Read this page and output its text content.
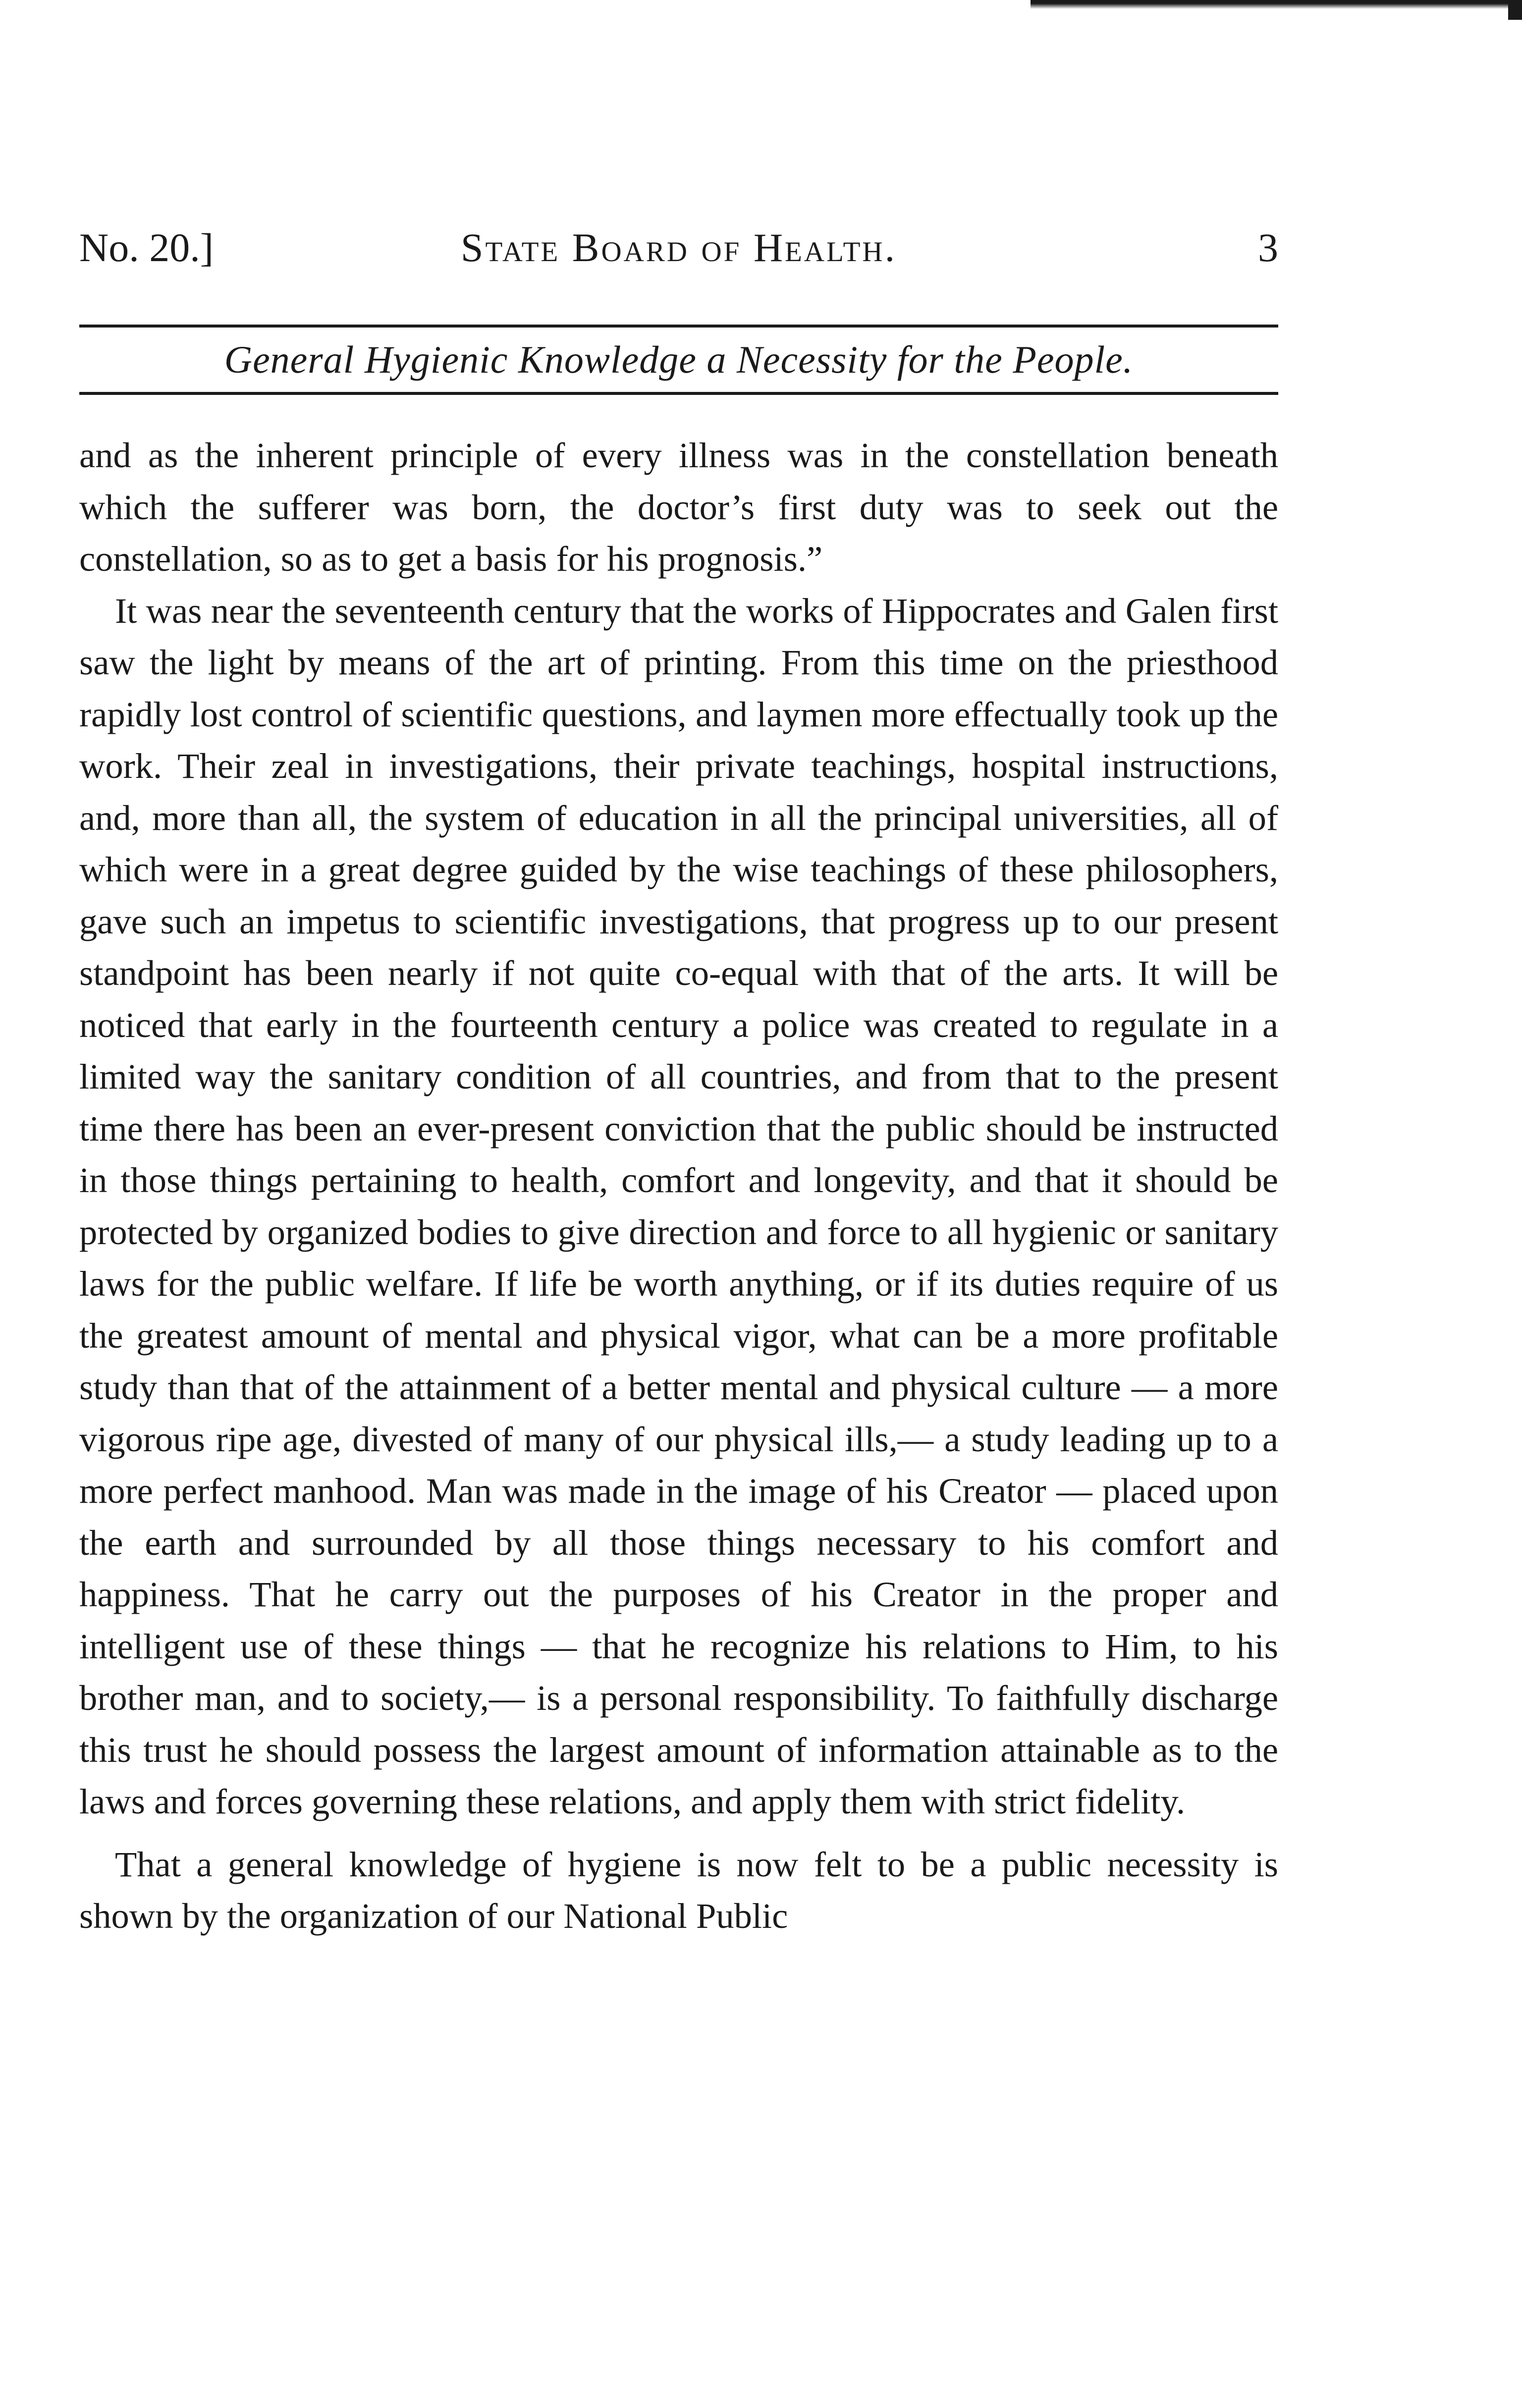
No. 20.]	State Board of Health.	3
General Hygienic Knowledge a Necessity for the People.

and as the inherent principle of every illness was in the constellation beneath which the sufferer was born, the doctor’s first duty was to seek out the constellation, so as to get a basis for his prognosis.”

It was near the seventeenth century that the works of Hippocrates and Galen first saw the light by means of the art of printing. From this time on the priesthood rapidly lost control of scientific questions, and laymen more effectually took up the work. Their zeal in investigations, their private teachings, hospital instructions, and, more than all, the system of education in all the principal universities, all of which were in a great degree guided by the wise teachings of these philosophers, gave such an impetus to scientific investigations, that progress up to our present standpoint has been nearly if not quite co-equal with that of the arts. It will be noticed that early in the fourteenth century a police was created to regulate in a limited way the sanitary condition of all countries, and from that to the present time there has been an ever-present conviction that the public should be instructed in those things pertaining to health, comfort and longevity, and that it should be protected by organized bodies to give direction and force to all hygienic or sanitary laws for the public welfare. If life be worth anything, or if its duties require of us the greatest amount of mental and physical vigor, what can be a more profitable study than that of the attainment of a better mental and physical culture — a more vigorous ripe age, divested of many of our physical ills,— a study leading up to a more perfect manhood. Man was made in the image of his Creator — placed upon the earth and surrounded by all those things necessary to his comfort and happiness. That he carry out the purposes of his Creator in the proper and intelligent use of these things — that he recognize his relations to Him, to his brother man, and to society,— is a personal responsibility. To faithfully discharge this trust he should possess the largest amount of information attainable as to the laws and forces governing these relations, and apply them with strict fidelity.

That a general knowledge of hygiene is now felt to be a public necessity is shown by the organization of our National Public
